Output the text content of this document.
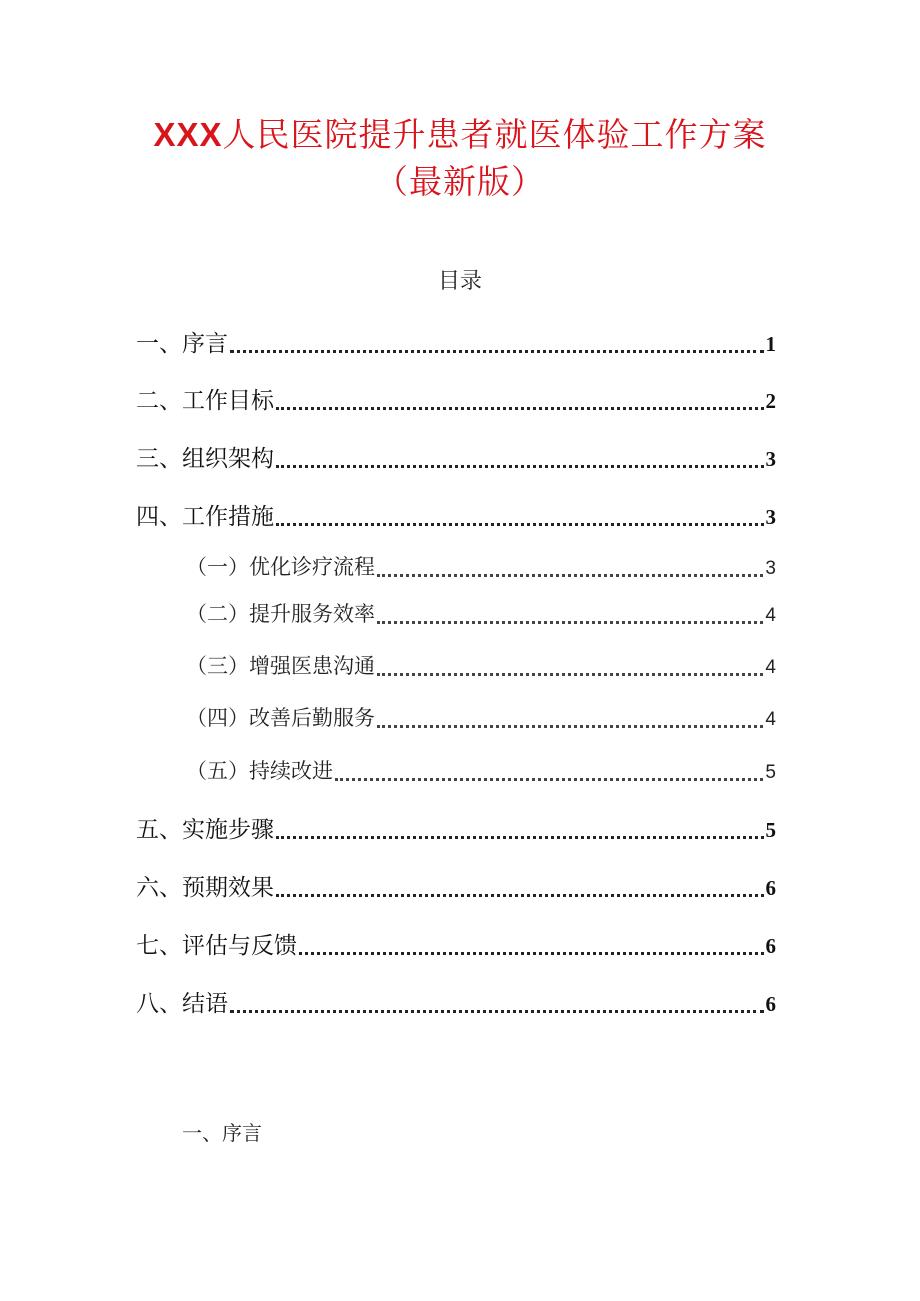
XXX人民医院提升患者就医体验工作方案
（最新版）
目录
一、序言	1
二、工作目标	2
三、组织架构	3
四、工作措施	3
（一）优化诊疗流程	3
（二）提升服务效率	4
（三）增强医患沟通	4
（四）改善后勤服务	4
（五）持续改进	5
五、实施步骤	5
六、预期效果	6
七、评估与反馈	6
八、结语	6
一、序言
